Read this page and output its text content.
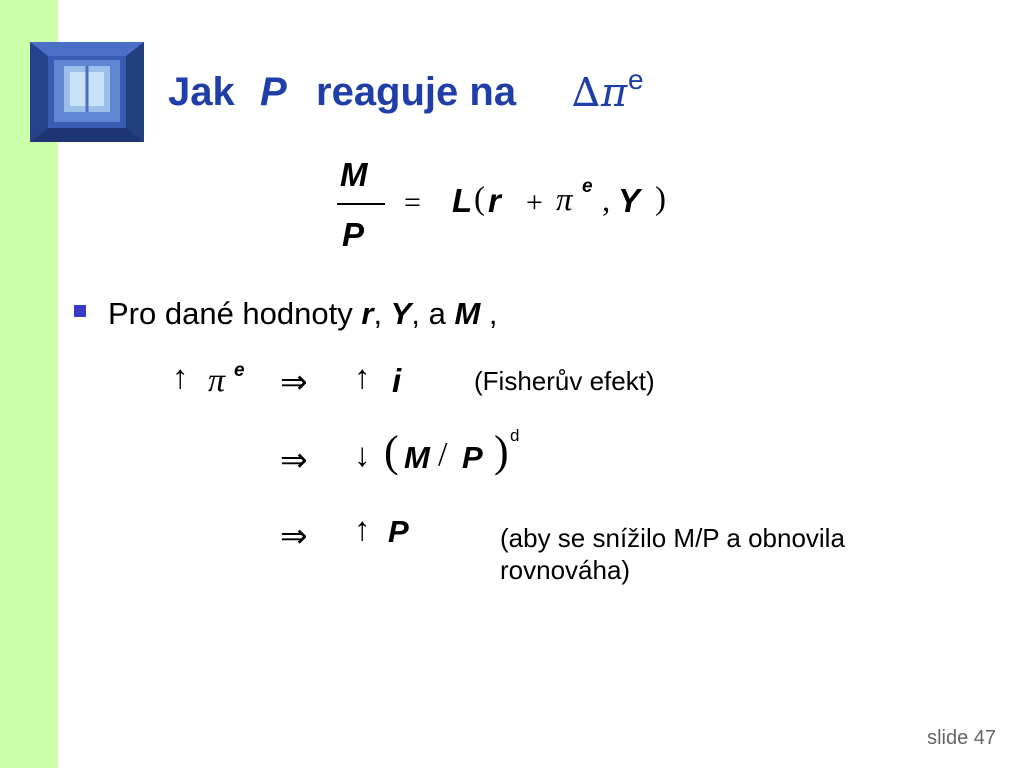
Jak P reaguje na ∆ π e
M
P
= L ( r + π e , Y )
Pro dané hodnoty r, Y, a M ,
↑ π e ⇒ ↑ i	(Fisherův efekt)
⇒ ↓ ( M / P ) d
⇒ ↑ P	(aby se snížilo M/P a obnovila rovnováha)
slide 47
